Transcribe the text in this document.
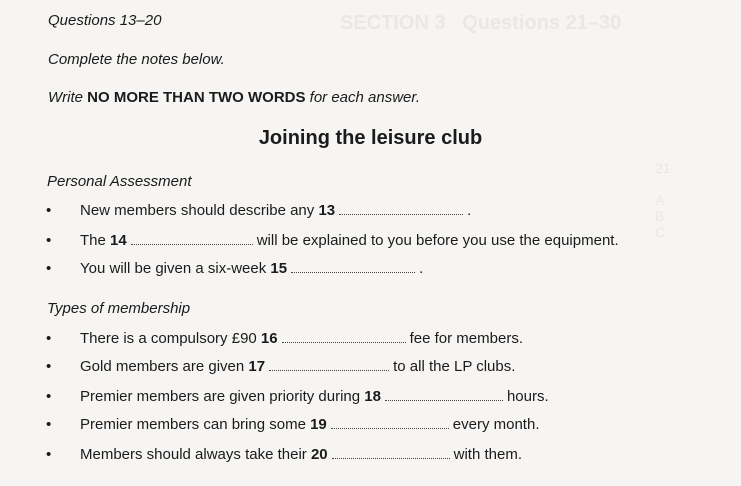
SECTION 3   Questions 21–30
21

A
B
C
Questions 13–20
Complete the notes below.
Write NO MORE THAN TWO WORDS for each answer.
Joining the leisure club
Personal Assessment
• New members should describe any 13	.
• The 14	will be explained to you before you use the equipment.
• You will be given a six-week 15	.
Types of membership
• There is a compulsory £90 16	fee for members.
• Gold members are given 17	to all the LP clubs.
• Premier members are given priority during 18	hours.
• Premier members can bring some 19	every month.
• Members should always take their 20	with them.
